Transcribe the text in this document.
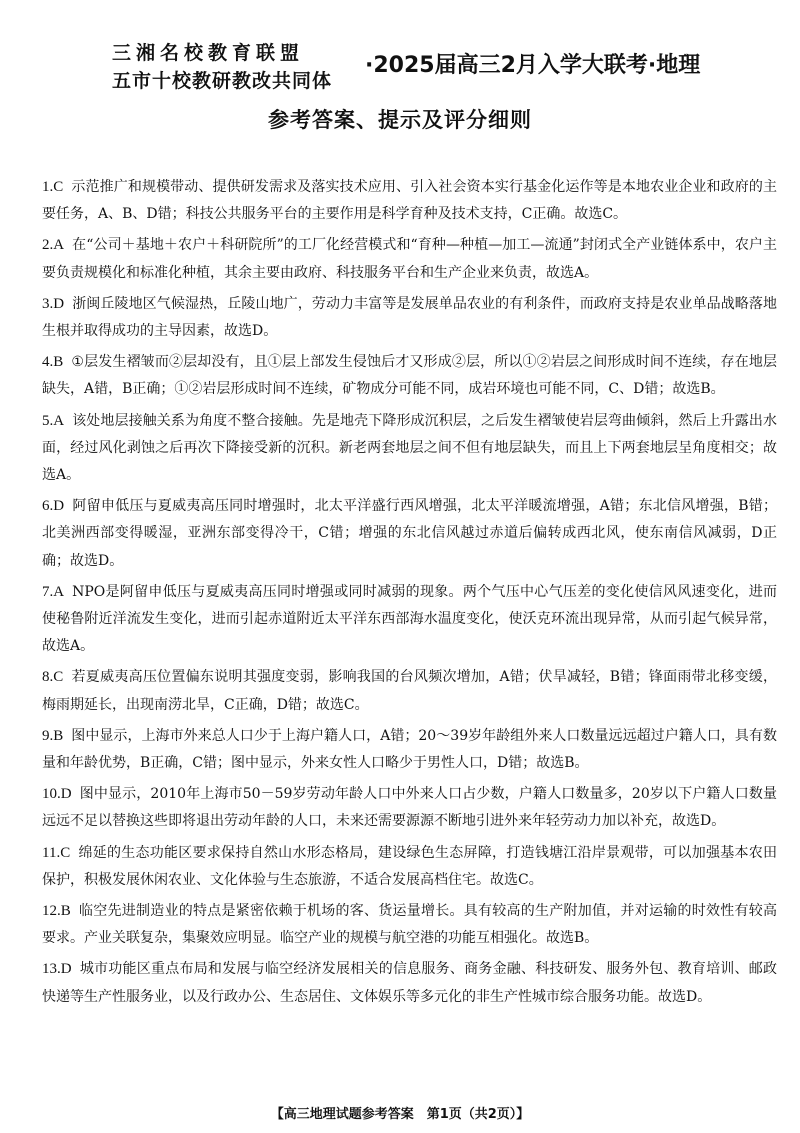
三湘名校教育联盟
五市十校教研教改共同体
·2025届高三2月入学大联考·地理
参考答案、提示及评分细则

1.C 示范推广和规模带动、提供研发需求及落实技术应用、引入社会资本实行基金化运作等是本地农业企业和政府的主要任务，A、B、D错；科技公共服务平台的主要作用是科学育种及技术支持，C正确。故选C。

2.A 在“公司＋基地＋农户＋科研院所”的工厂化经营模式和“育种—种植—加工—流通”封闭式全产业链体系中，农户主要负责规模化和标准化种植，其余主要由政府、科技服务平台和生产企业来负责，故选A。

3.D 浙闽丘陵地区气候湿热，丘陵山地广，劳动力丰富等是发展单品农业的有利条件，而政府支持是农业单品战略落地生根并取得成功的主导因素，故选D。

4.B ①层发生褶皱而②层却没有，且①层上部发生侵蚀后才又形成②层，所以①②岩层之间形成时间不连续，存在地层缺失，A错，B正确；①②岩层形成时间不连续，矿物成分可能不同，成岩环境也可能不同，C、D错；故选B。

5.A 该处地层接触关系为角度不整合接触。先是地壳下降形成沉积层，之后发生褶皱使岩层弯曲倾斜，然后上升露出水面，经过风化剥蚀之后再次下降接受新的沉积。新老两套地层之间不但有地层缺失，而且上下两套地层呈角度相交；故选A。

6.D 阿留申低压与夏威夷高压同时增强时，北太平洋盛行西风增强，北太平洋暖流增强，A错；东北信风增强，B错；北美洲西部变得暖湿，亚洲东部变得冷干，C错；增强的东北信风越过赤道后偏转成西北风，使东南信风减弱，D正确；故选D。

7.A NPO是阿留申低压与夏威夷高压同时增强或同时减弱的现象。两个气压中心气压差的变化使信风风速变化，进而使秘鲁附近洋流发生变化，进而引起赤道附近太平洋东西部海水温度变化，使沃克环流出现异常，从而引起气候异常，故选A。

8.C 若夏威夷高压位置偏东说明其强度变弱，影响我国的台风频次增加，A错；伏旱减轻，B错；锋面雨带北移变缓，梅雨期延长，出现南涝北旱，C正确，D错；故选C。

9.B 图中显示，上海市外来总人口少于上海户籍人口，A错；20～39岁年龄组外来人口数量远远超过户籍人口，具有数量和年龄优势，B正确，C错；图中显示，外来女性人口略少于男性人口，D错；故选B。

10.D 图中显示，2010年上海市50－59岁劳动年龄人口中外来人口占少数，户籍人口数量多，20岁以下户籍人口数量远远不足以替换这些即将退出劳动年龄的人口，未来还需要源源不断地引进外来年轻劳动力加以补充，故选D。

11.C 绵延的生态功能区要求保持自然山水形态格局，建设绿色生态屏障，打造钱塘江沿岸景观带，可以加强基本农田保护，积极发展休闲农业、文化体验与生态旅游，不适合发展高档住宅。故选C。

12.B 临空先进制造业的特点是紧密依赖于机场的客、货运量增长。具有较高的生产附加值，并对运输的时效性有较高要求。产业关联复杂，集聚效应明显。临空产业的规模与航空港的功能互相强化。故选B。

13.D 城市功能区重点布局和发展与临空经济发展相关的信息服务、商务金融、科技研发、服务外包、教育培训、邮政快递等生产性服务业，以及行政办公、生态居住、文体娱乐等多元化的非生产性城市综合服务功能。故选D。

【高三地理试题参考答案　第1页（共2页）】
